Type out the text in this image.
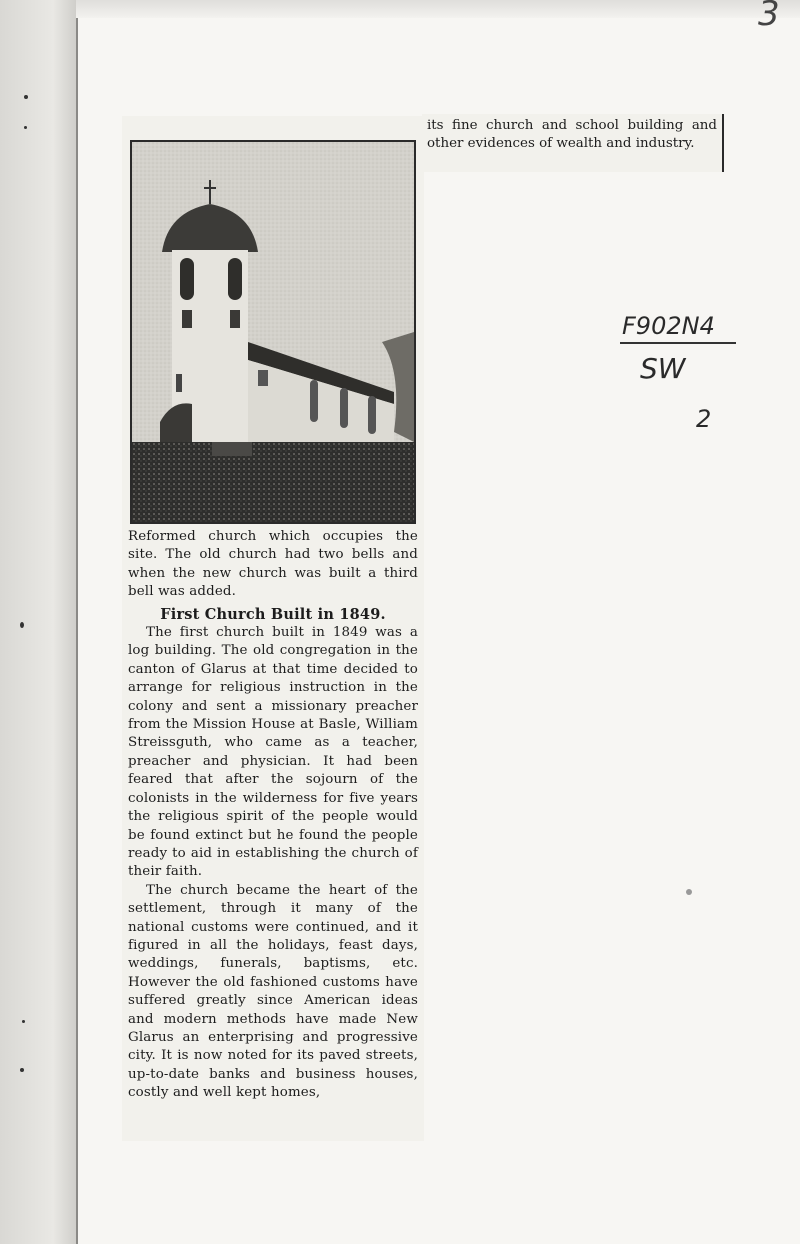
its fine church and school building and other evidences of wealth and industry.

Reformed church which occupies the site. The old church had two bells and when the new church was built a third bell was added.

First Church Built in 1849.

The first church built in 1849 was a log building. The old congregation in the canton of Glarus at that time decided to arrange for religious instruction in the colony and sent a missionary preacher from the Mission House at Basle, William Streissguth, who came as a teacher, preacher and physician. It had been feared that after the sojourn of the colonists in the wilderness for five years the religious spirit of the people would be found extinct but he found the people ready to aid in establishing the church of their faith.

The church became the heart of the settlement, through it many of the national customs were continued, and it figured in all the holidays, feast days, weddings, funerals, baptisms, etc. However the old fashioned customs have suffered greatly since American ideas and modern methods have made New Glarus an enterprising and progressive city. It is now noted for its paved streets, up-to-date banks and business houses, costly and well kept homes,

3
F902N4
SW
2
